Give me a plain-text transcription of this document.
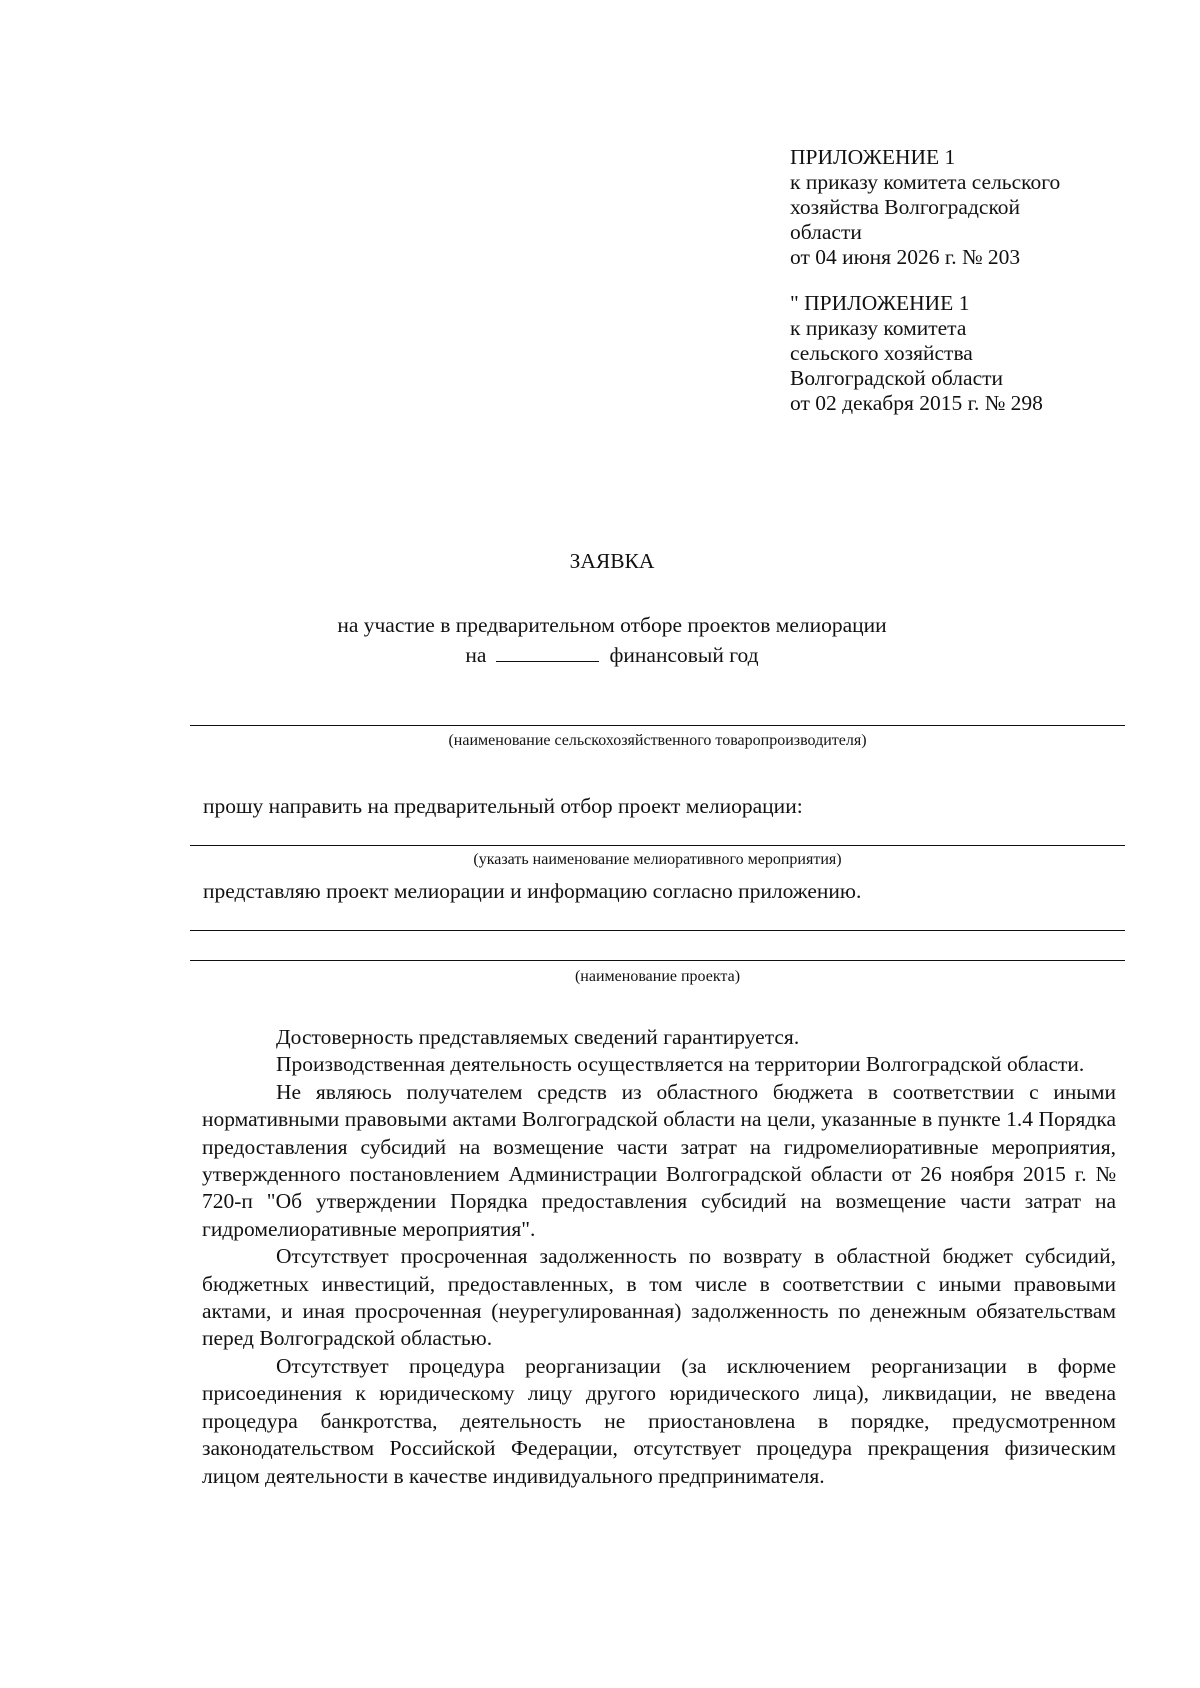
ПРИЛОЖЕНИЕ 1
к приказу комитета сельского
хозяйства Волгоградской
области
от 04 июня 2026 г. № 203
" ПРИЛОЖЕНИЕ 1
к приказу комитета
сельского хозяйства
Волгоградской области
от 02 декабря 2015 г. № 298
ЗАЯВКА
на участие в предварительном отборе проектов мелиорации
на	финансовый год
(наименование сельскохозяйственного товаропроизводителя)
прошу направить на предварительный отбор проект мелиорации:
(указать наименование мелиоративного мероприятия)
представляю проект мелиорации и информацию согласно приложению.
(наименование проекта)

Достоверность представляемых сведений гарантируется.

Производственная деятельность осуществляется на территории Волгоградской области.

Не являюсь получателем средств из областного бюджета в соответствии с иными нормативными правовыми актами Волгоградской области на цели, указанные в пункте 1.4 Порядка предоставления субсидий на возмещение части затрат на гидромелиоративные мероприятия, утвержденного постановлением Администрации Волгоградской области от 26 ноября 2015 г. № 720-п "Об утверждении Порядка предоставления субсидий на возмещение части затрат на гидромелиоративные мероприятия".

Отсутствует просроченная задолженность по возврату в областной бюджет субсидий, бюджетных инвестиций, предоставленных, в том числе в соответствии с иными правовыми актами, и иная просроченная (неурегулированная) задолженность по денежным обязательствам перед Волгоградской областью.

Отсутствует процедура реорганизации (за исключением реорганизации в форме присоединения к юридическому лицу другого юридического лица), ликвидации, не введена процедура банкротства, деятельность не приостановлена в порядке, предусмотренном законодательством Российской Федерации, отсутствует процедура прекращения физическим лицом деятельности в качестве индивидуального предпринимателя.
